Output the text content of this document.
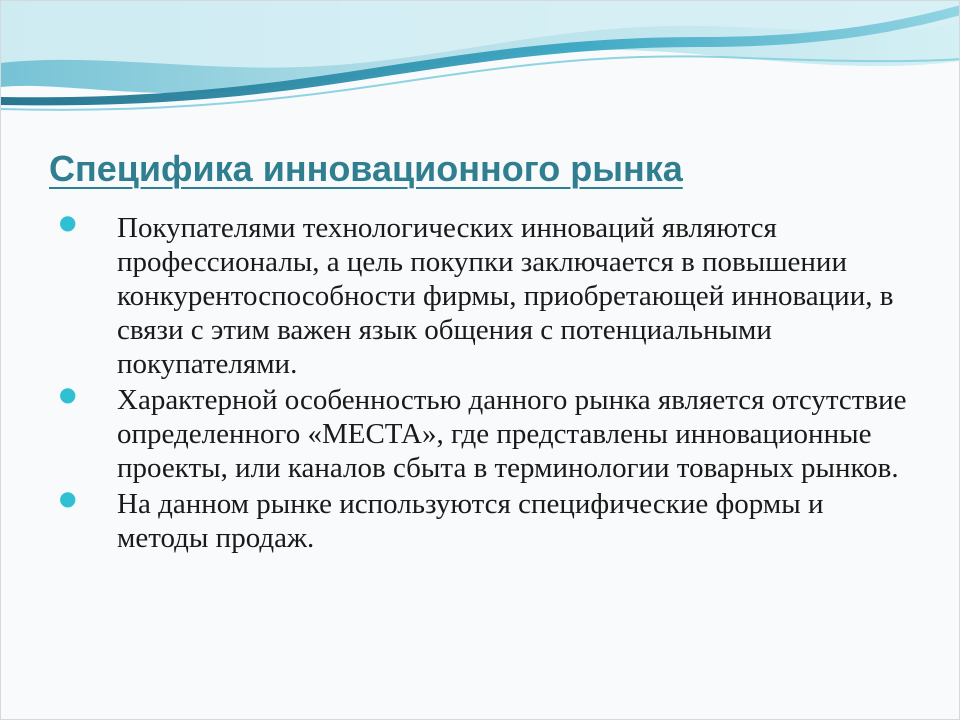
Специфика инновационного рынка
● Покупателями технологических инноваций являются профессионалы, а цель покупки заключается в повышении конкурентоспособности фирмы, приобретающей инновации, в связи с этим важен язык общения с потенциальными покупателями.
● Характерной особенностью данного рынка является отсутствие определенного «МЕСТА», где представлены инновационные проекты, или каналов сбыта в терминологии товарных рынков.
● На данном рынке используются специфические формы и методы продаж.
